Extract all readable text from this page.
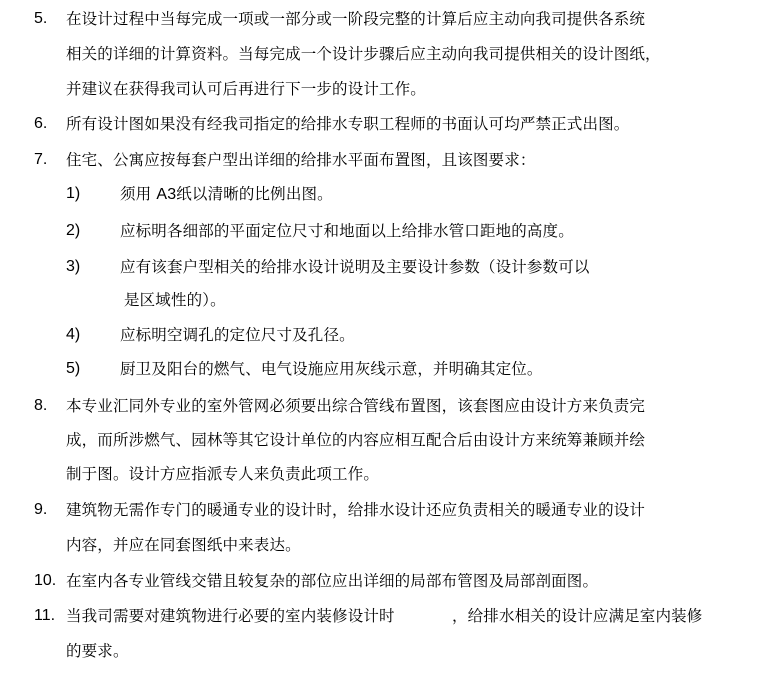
5. 在设计过程中当每完成一项或一部分或一阶段完整的计算后应主动向我司提供各系统
相关的详细的计算资料。当每完成一个设计步骤后应主动向我司提供相关的设计图纸，
并建议在获得我司认可后再进行下一步的设计工作。
6. 所有设计图如果没有经我司指定的给排水专职工程师的书面认可均严禁正式出图。
7. 住宅、公寓应按每套户型出详细的给排水平面布置图，且该图要求：
1)	须用 A3纸以清晰的比例出图。
2)	应标明各细部的平面定位尺寸和地面以上给排水管口距地的高度。
3)	应有该套户型相关的给排水设计说明及主要设计参数（设计参数可以
是区域性的）。
4)	应标明空调孔的定位尺寸及孔径。
5)	厨卫及阳台的燃气、电气设施应用灰线示意，并明确其定位。
8. 本专业汇同外专业的室外管网必须要出综合管线布置图，该套图应由设计方来负责完
成，而所涉燃气、园林等其它设计单位的内容应相互配合后由设计方来统筹兼顾并绘
制于图。设计方应指派专人来负责此项工作。
9. 建筑物无需作专门的暖通专业的设计时，给排水设计还应负责相关的暖通专业的设计
内容，并应在同套图纸中来表达。
10. 在室内各专业管线交错且较复杂的部位应出详细的局部布管图及局部剖面图。
11. 当我司需要对建筑物进行必要的室内装修设计时	，给排水相关的设计应满足室内装修
的要求。
